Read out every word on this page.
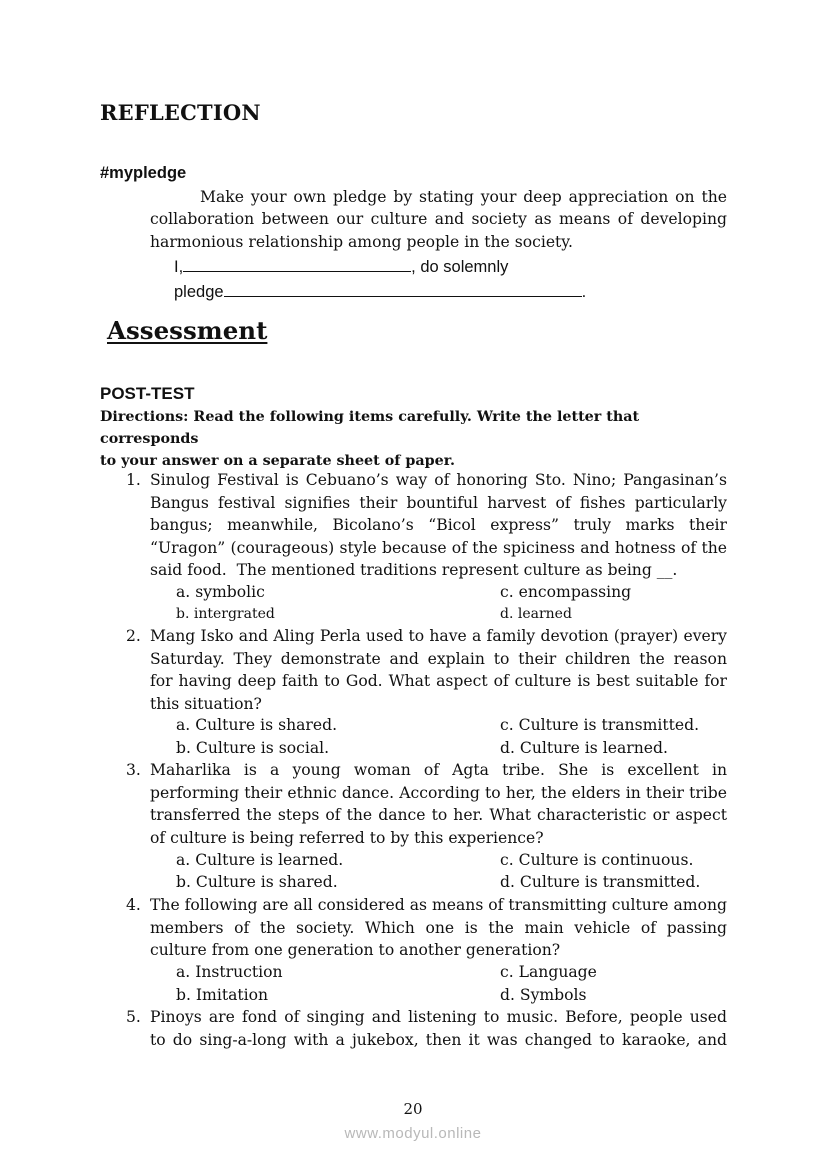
REFLECTION
#mypledge
Make your own pledge by stating your deep appreciation on the
collaboration between our culture and society as means of developing
harmonious relationship among people in the society.
I,	, do solemnly
pledge	.
Assessment
POST-TEST
Directions: Read the following items carefully. Write the letter that corresponds
to your answer on a separate sheet of paper.
1. Sinulog Festival is Cebuano’s way of honoring Sto. Nino; Pangasinan’s
Bangus festival signifies their bountiful harvest of fishes particularly
bangus; meanwhile, Bicolano’s “Bicol express” truly marks their
“Uragon” (courageous) style because of the spiciness and hotness of the
said food.  The mentioned traditions represent culture as being __.
a. symbolic	c. encompassing
b. intergrated	d. learned
2. Mang Isko and Aling Perla used to have a family devotion (prayer) every
Saturday. They demonstrate and explain to their children the reason
for having deep faith to God. What aspect of culture is best suitable for
this situation?
a. Culture is shared.	c. Culture is transmitted.
b. Culture is social.	d. Culture is learned.
3. Maharlika is a young woman of Agta tribe. She is excellent in
performing their ethnic dance. According to her, the elders in their tribe
transferred the steps of the dance to her. What characteristic or aspect
of culture is being referred to by this experience?
a. Culture is learned.	c. Culture is continuous.
b. Culture is shared.	d. Culture is transmitted.
4. The following are all considered as means of transmitting culture among
members of the society. Which one is the main vehicle of passing
culture from one generation to another generation?
a. Instruction	c. Language
b. Imitation	d. Symbols
5. Pinoys are fond of singing and listening to music. Before, people used
to do sing-a-long with a jukebox, then it was changed to karaoke, and
20
www.modyul.online
